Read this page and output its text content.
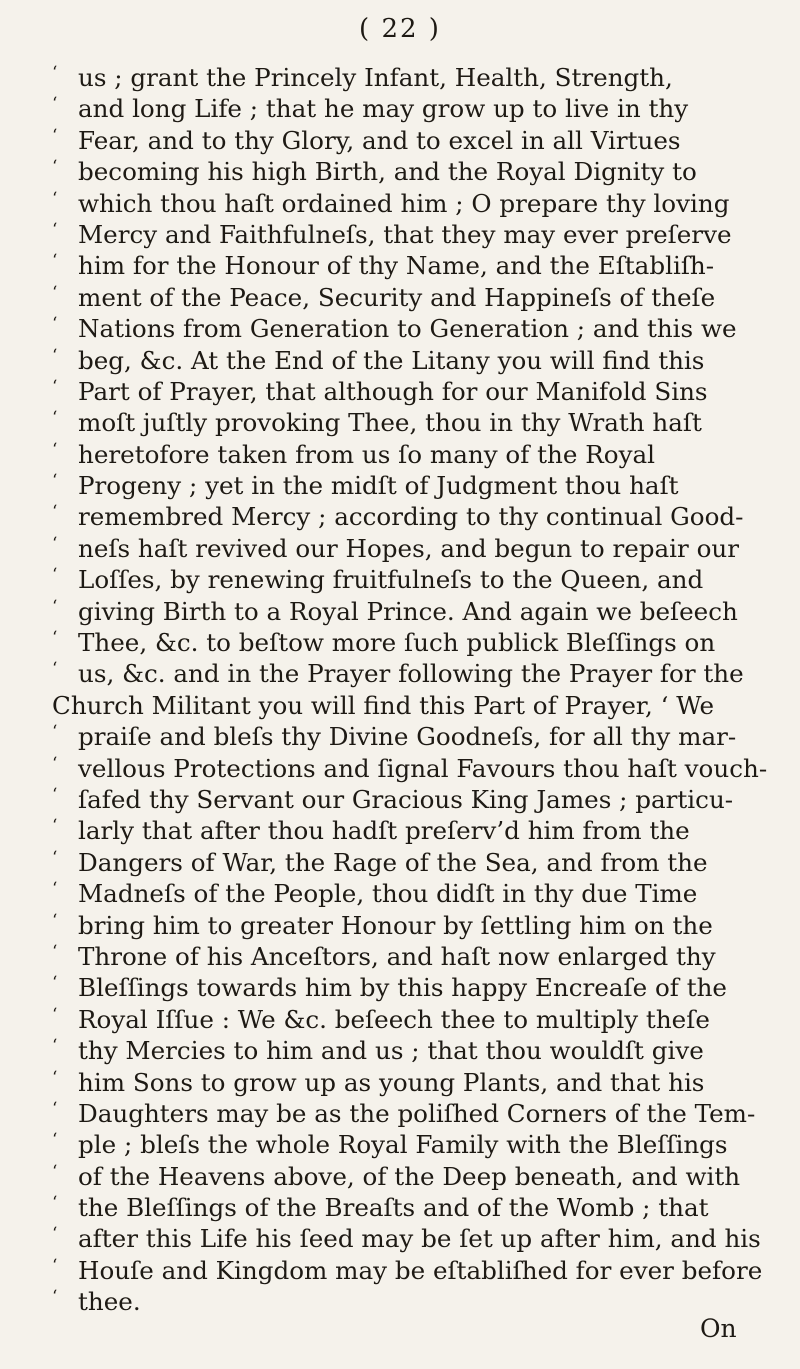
( 22 )
‘ us ; grant the Princely Infant, Health, Strength,
‘ and long Life ; that he may grow up to live in thy
‘ Fear, and to thy Glory, and to excel in all Virtues
‘ becoming his high Birth, and the Royal Dignity to
‘ which thou haſt ordained him ; O prepare thy loving
‘ Mercy and Faithfulneſs, that they may ever preſerve
‘ him for the Honour of thy Name, and the Eſtabliſh-
‘ ment of the Peace, Security and Happineſs of theſe
‘ Nations from Generation to Generation ; and this we
‘ beg, &c. At the End of the Litany you will find this
‘ Part of Prayer, that although for our Manifold Sins
‘ moſt juſtly provoking Thee, thou in thy Wrath haſt
‘ heretofore taken from us ſo many of the Royal
‘ Progeny ; yet in the midſt of Judgment thou haſt
‘ remembred Mercy ; according to thy continual Good-
‘ neſs haſt revived our Hopes, and begun to repair our
‘ Loſſes, by renewing fruitfulneſs to the Queen, and
‘ giving Birth to a Royal Prince. And again we beſeech
‘ Thee, &c. to beſtow more ſuch publick Bleſſings on
‘ us, &c. and in the Prayer following the Prayer for the
Church Militant you will find this Part of Prayer, ‘ We
‘ praiſe and bleſs thy Divine Goodneſs, for all thy mar-
‘ vellous Protections and ſignal Favours thou haſt vouch-
‘ ſafed thy Servant our Gracious King James ; particu-
‘ larly that after thou hadſt preſerv’d him from the
‘ Dangers of War, the Rage of the Sea, and from the
‘ Madneſs of the People, thou didſt in thy due Time
‘ bring him to greater Honour by ſettling him on the
‘ Throne of his Anceſtors, and haſt now enlarged thy
‘ Bleſſings towards him by this happy Encreaſe of the
‘ Royal Iſſue : We &c. beſeech thee to multiply theſe
‘ thy Mercies to him and us ; that thou wouldſt give
‘ him Sons to grow up as young Plants, and that his
‘ Daughters may be as the poliſhed Corners of the Tem-
‘ ple ; bleſs the whole Royal Family with the Bleſſings
‘ of the Heavens above, of the Deep beneath, and with
‘ the Bleſſings of the Breaſts and of the Womb ; that
‘ after this Life his ſeed may be ſet up after him, and his
‘ Houſe and Kingdom may be eſtabliſhed for ever before
‘ thee.
On
